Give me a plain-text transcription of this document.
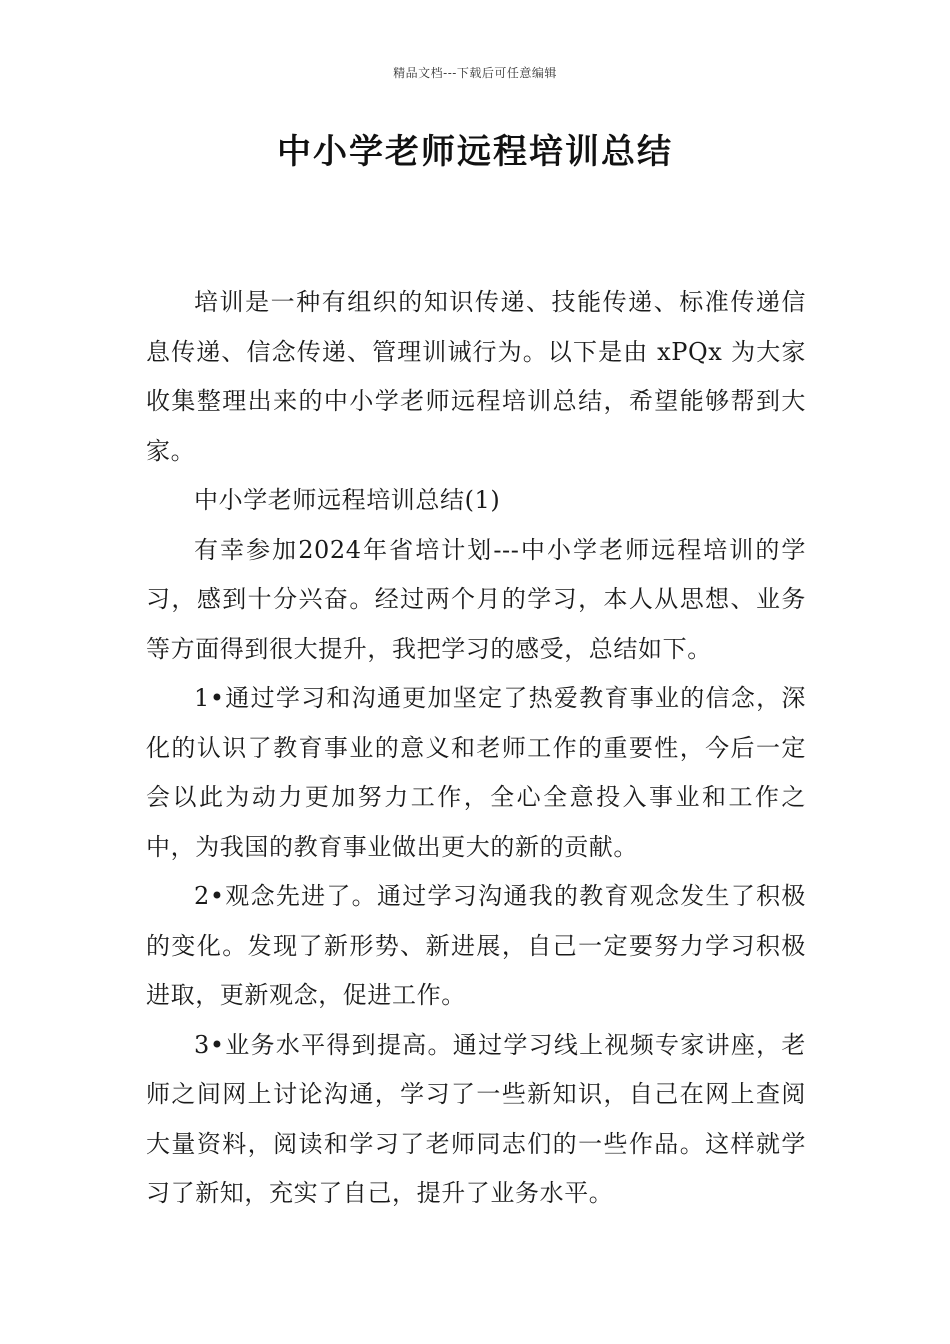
精品文档---下载后可任意编辑
中小学老师远程培训总结

培训是一种有组织的知识传递、技能传递、标准传递信息传递、信念传递、管理训诫行为。以下是由 xPQx 为大家收集整理出来的中小学老师远程培训总结，希望能够帮到大家。

中小学老师远程培训总结(1)

有幸参加2024年省培计划---中小学老师远程培训的学习，感到十分兴奋。经过两个月的学习，本人从思想、业务等方面得到很大提升，我把学习的感受，总结如下。

1•通过学习和沟通更加坚定了热爱教育事业的信念，深化的认识了教育事业的意义和老师工作的重要性，今后一定会以此为动力更加努力工作，全心全意投入事业和工作之中，为我国的教育事业做出更大的新的贡献。

2•观念先进了。通过学习沟通我的教育观念发生了积极的变化。发现了新形势、新进展，自己一定要努力学习积极进取，更新观念，促进工作。

3•业务水平得到提高。通过学习线上视频专家讲座，老师之间网上讨论沟通，学习了一些新知识，自己在网上查阅大量资料，阅读和学习了老师同志们的一些作品。这样就学习了新知，充实了自己，提升了业务水平。
